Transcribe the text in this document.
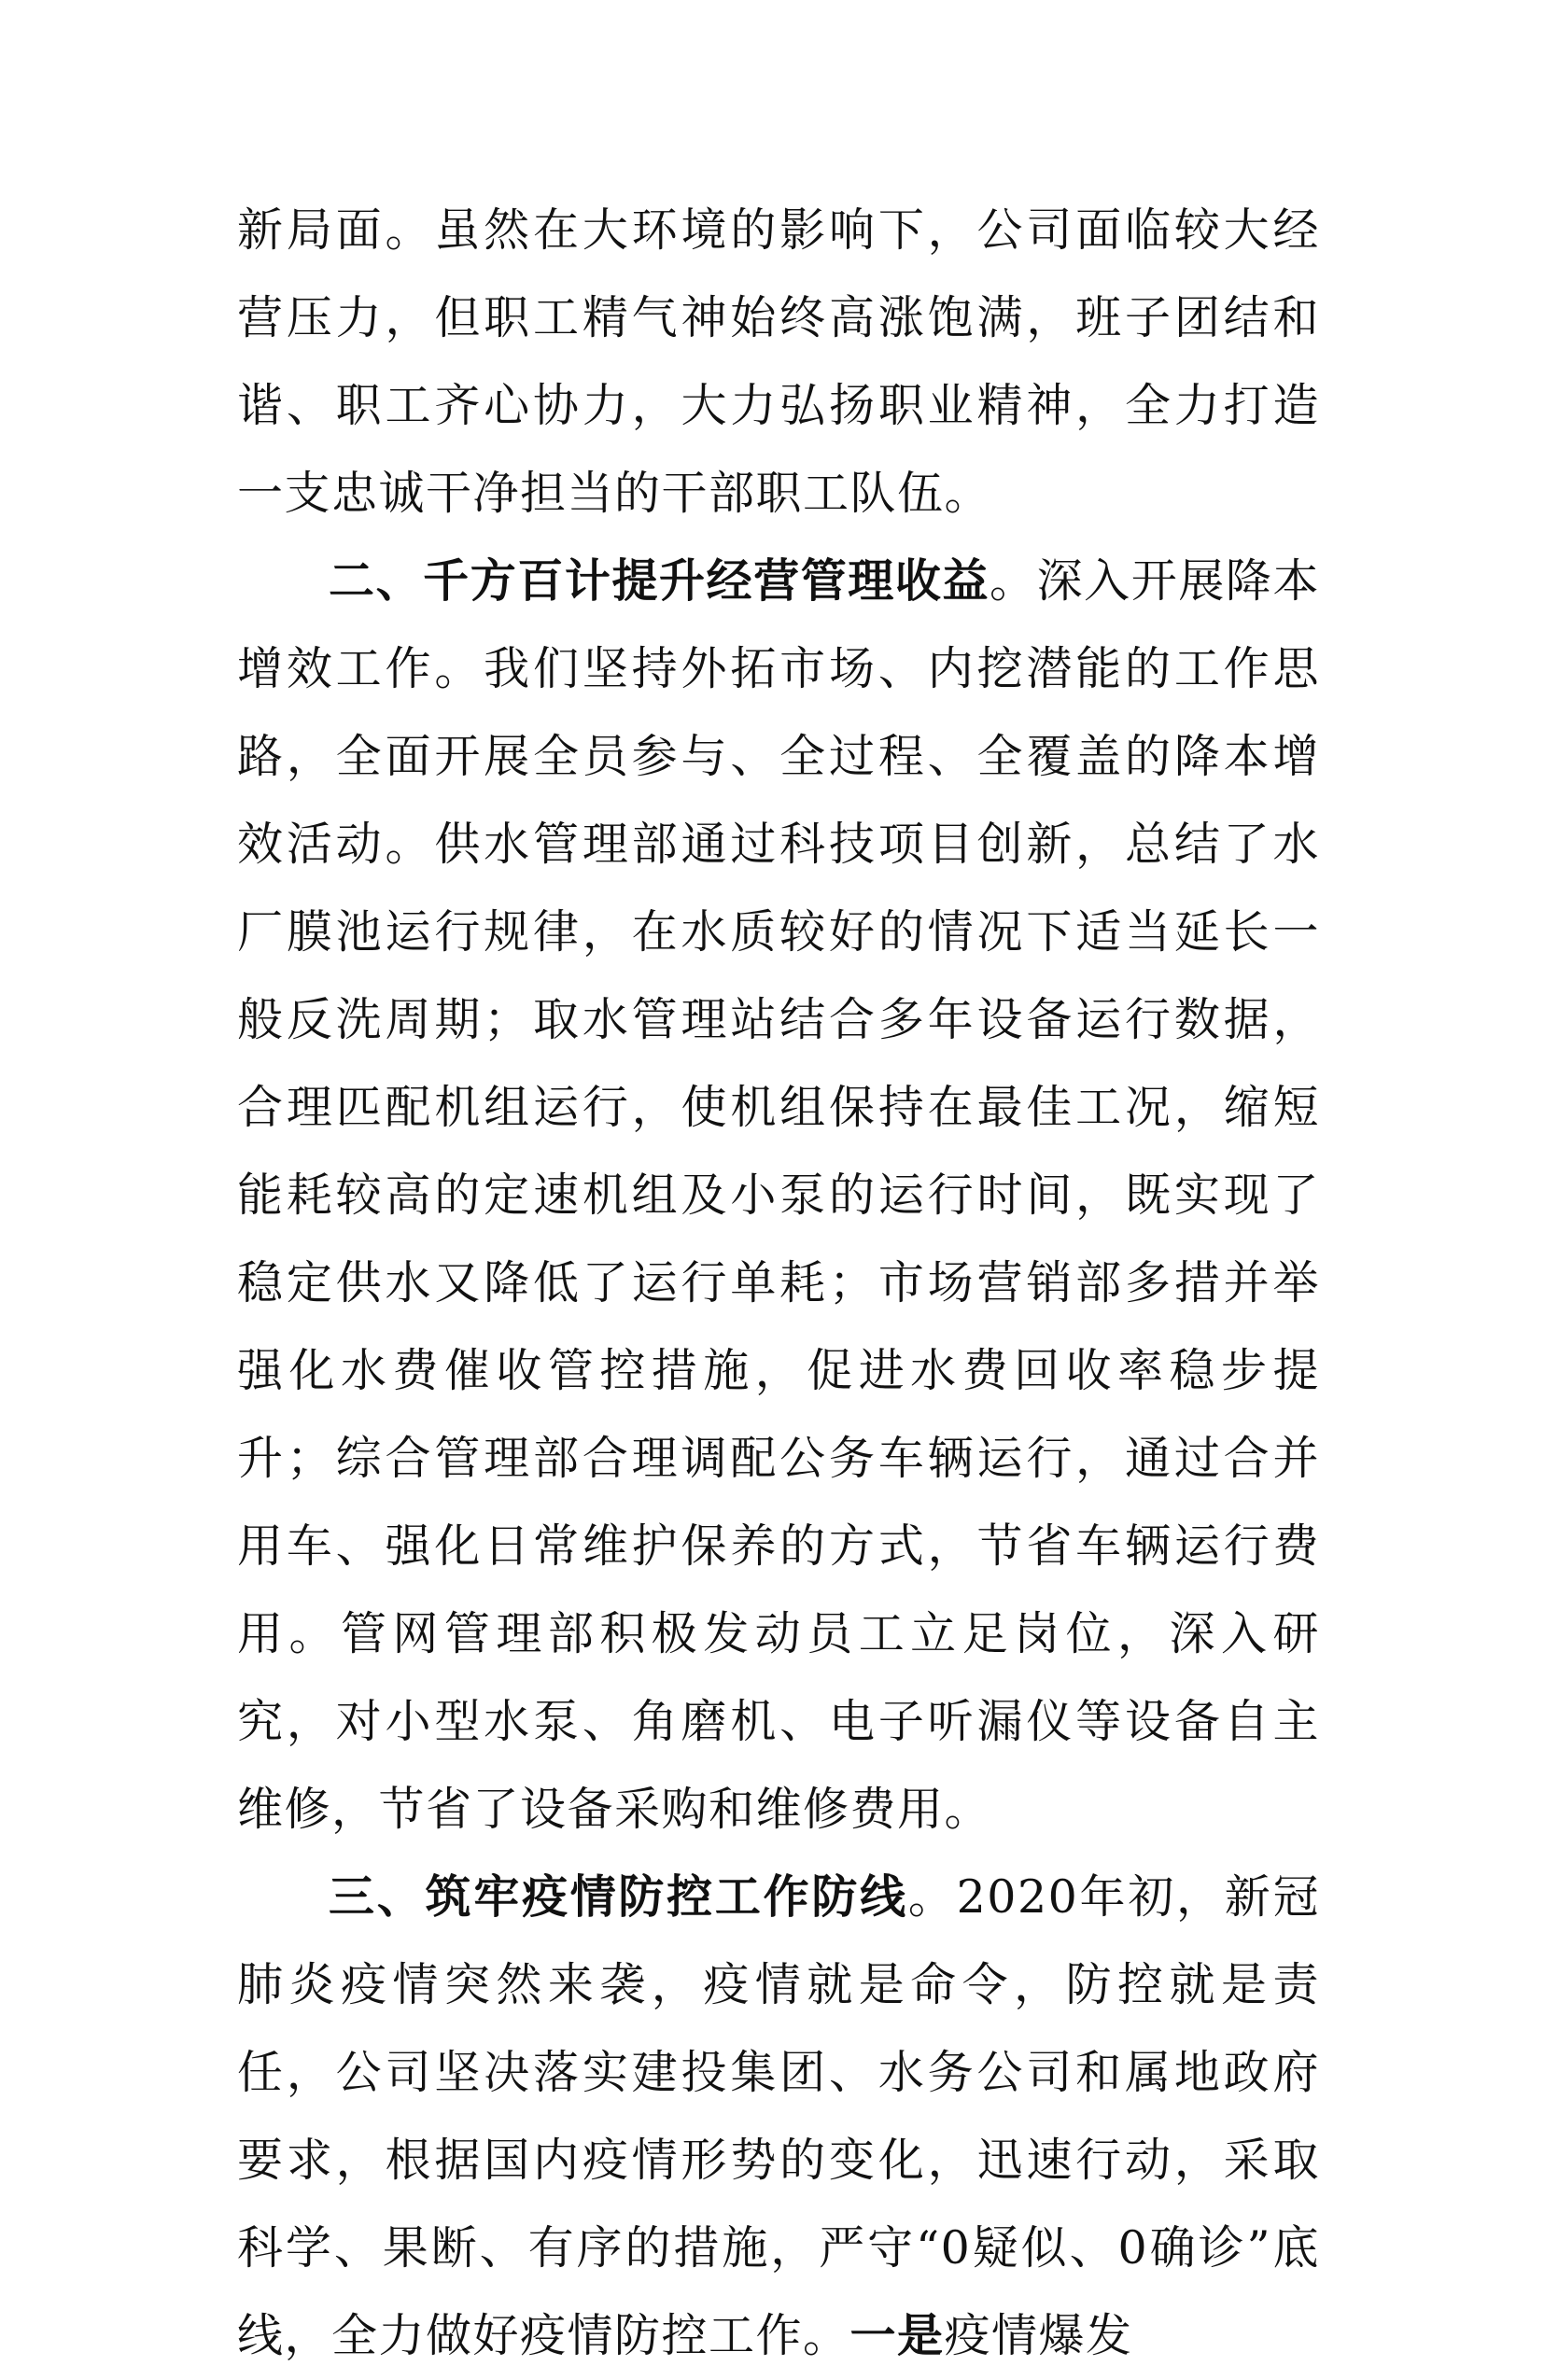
新局面。虽然在大环境的影响下，公司面临较大经营压力，但职工精气神始终高涨饱满，班子团结和谐、职工齐心协力，大力弘扬职业精神，全力打造一支忠诚干净担当的干部职工队伍。

二、千方百计提升经营管理收益。深入开展降本增效工作。我们坚持外拓市场、内挖潜能的工作思路，全面开展全员参与、全过程、全覆盖的降本增效活动。供水管理部通过科技项目创新，总结了水厂膜池运行规律，在水质较好的情况下适当延长一般反洗周期；取水管理站结合多年设备运行数据，合理匹配机组运行，使机组保持在最佳工况，缩短能耗较高的定速机组及小泵的运行时间，既实现了稳定供水又降低了运行单耗；市场营销部多措并举强化水费催收管控措施，促进水费回收率稳步提升；综合管理部合理调配公务车辆运行，通过合并用车、强化日常维护保养的方式，节省车辆运行费用。管网管理部积极发动员工立足岗位，深入研究，对小型水泵、角磨机、电子听漏仪等设备自主维修，节省了设备采购和维修费用。

三、筑牢疫情防控工作防线。2020年初，新冠肺炎疫情突然来袭，疫情就是命令，防控就是责任，公司坚决落实建投集团、水务公司和属地政府要求，根据国内疫情形势的变化，迅速行动，采取科学、果断、有序的措施，严守“0疑似、0确诊”底线，全力做好疫情防控工作。一是疫情爆发
